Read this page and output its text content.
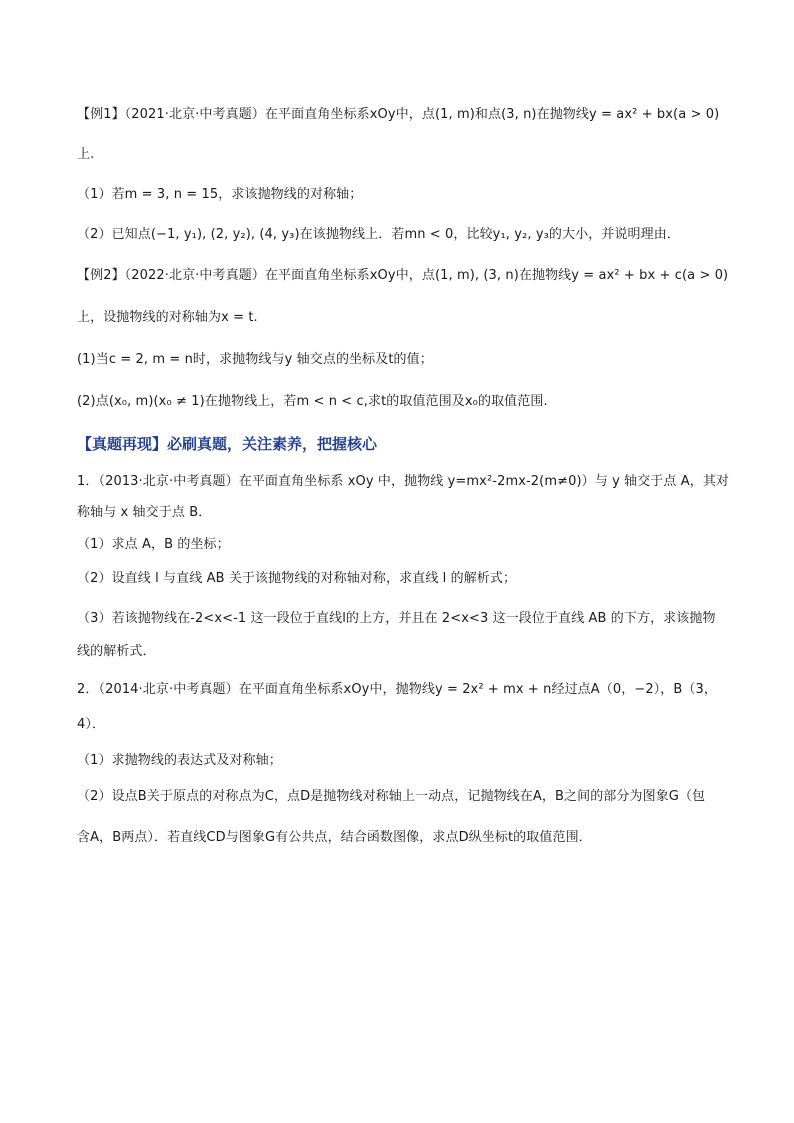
【例1】（2021·北京·中考真题）在平面直角坐标系xOy中，点(1, m)和点(3, n)在抛物线y = ax² + bx(a > 0)
上.
（1）若m = 3, n = 15，求该抛物线的对称轴；
（2）已知点(−1, y₁), (2, y₂), (4, y₃)在该抛物线上．若mn < 0，比较y₁, y₂, y₃的大小，并说明理由．
【例2】（2022·北京·中考真题）在平面直角坐标系xOy中，点(1, m), (3, n)在抛物线y = ax² + bx + c(a > 0)
上，设抛物线的对称轴为x = t.
(1)当c = 2, m = n时，求抛物线与y 轴交点的坐标及t的值；
(2)点(x₀, m)(x₀ ≠ 1)在抛物线上，若m < n < c,求t的取值范围及x₀的取值范围.
【真题再现】必刷真题，关注素养，把握核心
1．（2013·北京·中考真题）在平面直角坐标系 xOy 中，抛物线 y=mx²-2mx-2(m≠0)）与 y 轴交于点 A，其对
称轴与 x 轴交于点 B．
（1）求点 A，B 的坐标；
（2）设直线 l 与直线 AB 关于该抛物线的对称轴对称，求直线 l 的解析式；
（3）若该抛物线在-2<x<-1 这一段位于直线l的上方，并且在 2<x<3 这一段位于直线 AB 的下方，求该抛物
线的解析式．
2．（2014·北京·中考真题）在平面直角坐标系xOy中，抛物线y = 2x² + mx + n经过点A（0，−2），B（3，
4）．
（1）求抛物线的表达式及对称轴；
（2）设点B关于原点的对称点为C，点D是抛物线对称轴上一动点，记抛物线在A，B之间的部分为图象G（包
含A，B两点）．若直线CD与图象G有公共点，结合函数图像，求点D纵坐标t的取值范围．
